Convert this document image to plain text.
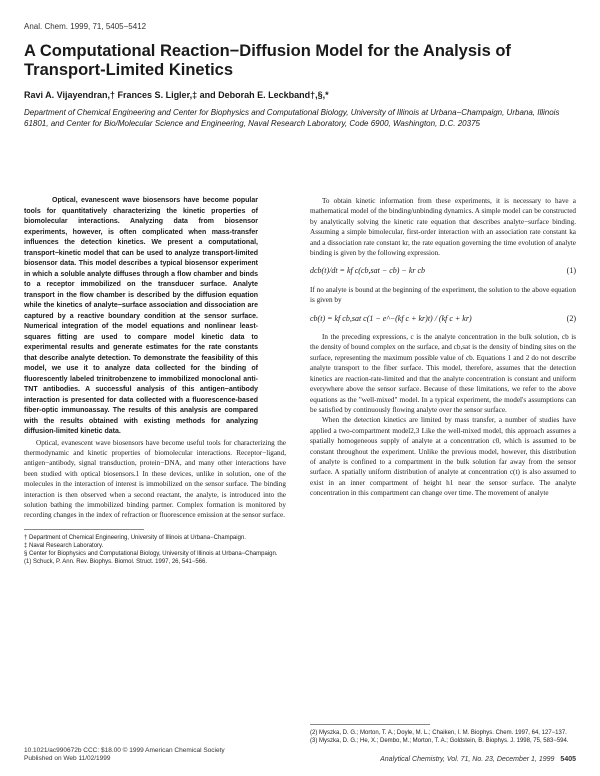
Anal. Chem. 1999, 71, 5405−5412
A Computational Reaction−Diffusion Model for the Analysis of Transport-Limited Kinetics
Ravi A. Vijayendran,† Frances S. Ligler,‡ and Deborah E. Leckband†,§,*
Department of Chemical Engineering and Center for Biophysics and Computational Biology, University of Illinois at Urbana−Champaign, Urbana, Illinois 61801, and Center for Bio/Molecular Science and Engineering, Naval Research Laboratory, Code 6900, Washington, D.C. 20375

Optical, evanescent wave biosensors have become popular tools for quantitatively characterizing the kinetic properties of biomolecular interactions. Analyzing data from biosensor experiments, however, is often complicated when mass-transfer influences the detection kinetics. We present a computational, transport−kinetic model that can be used to analyze transport-limited biosensor data. This model describes a typical biosensor experiment in which a soluble analyte diffuses through a flow chamber and binds to a receptor immobilized on the transducer surface. Analyte transport in the flow chamber is described by the diffusion equation while the kinetics of analyte−surface association and dissociation are captured by a reactive boundary condition at the sensor surface. Numerical integration of the model equations and nonlinear least-squares fitting are used to compare model kinetic data to experimental results and generate estimates for the rate constants that describe analyte detection. To demonstrate the feasibility of this model, we use it to analyze data collected for the binding of fluorescently labeled trinitrobenzene to immobilized monoclonal anti-TNT antibodies. A successful analysis of this antigen−antibody interaction is presented for data collected with a fluorescence-based fiber-optic immunoassay. The results of this analysis are compared with the results obtained with existing methods for analyzing diffusion-limited kinetic data.

Optical, evanescent wave biosensors have become useful tools for characterizing the thermodynamic and kinetic properties of biomolecular interactions. Receptor−ligand, antigen−antibody, signal transduction, protein−DNA, and many other interactions have been studied with optical biosensors.1 In these devices, unlike in solution, one of the molecules in the interaction of interest is immobilized on the sensor surface. The binding interaction is then observed when a second reactant, the analyte, is introduced into the solution bathing the immobilized binding partner. Complex formation is monitored by recording changes in the index of refraction or fluorescence emission at the sensor surface.

† Department of Chemical Engineering, University of Illinois at Urbana−Champaign.

‡ Naval Research Laboratory.

§ Center for Biophysics and Computational Biology, University of Illinois at Urbana−Champaign.

(1) Schuck, P. Ann. Rev. Biophys. Biomol. Struct. 1997, 26, 541−566.

10.1021/ac990672b CCC: $18.00 © 1999 American Chemical Society
Published on Web 11/02/1999

To obtain kinetic information from these experiments, it is necessary to have a mathematical model of the binding/unbinding dynamics. A simple model can be constructed by analytically solving the kinetic rate equation that describes analyte−surface binding. Assuming a simple bimolecular, first-order interaction with an association rate constant ka and a dissociation rate constant kr, the rate equation governing the time evolution of analyte binding is given by the following expression.

dcb(t)/dt = kf c(cb,sat − cb) − kr cb	(1)

If no analyte is bound at the beginning of the experiment, the solution to the above equation is given by

cb(t) = kf cb,sat c(1 − e^−(kf c + kr)t) / (kf c + kr)	(2)

In the preceding expressions, c is the analyte concentration in the bulk solution, cb is the density of bound complex on the surface, and cb,sat is the density of binding sites on the surface, representing the maximum possible value of cb. Equations 1 and 2 do not describe analyte transport to the fiber surface. This model, therefore, assumes that the detection kinetics are reaction-rate-limited and that the analyte concentration is constant and uniform everywhere above the sensor surface. Because of these limitations, we refer to the above equations as the "well-mixed" model. In a typical experiment, the model's assumptions can be satisfied by continuously flowing analyte over the sensor surface.

When the detection kinetics are limited by mass transfer, a number of studies have applied a two-compartment model2,3 Like the well-mixed model, this approach assumes a spatially homogeneous supply of analyte at a concentration c0, which is assumed to be constant throughout the experiment. Unlike the previous model, however, this distribution of analyte is confined to a compartment in the bulk solution far away from the sensor surface. A spatially uniform distribution of analyte at concentration c(t) is also assumed to exist in an inner compartment of height h1 near the sensor surface. The analyte concentration in this compartment can change over time. The movement of analyte

(2) Myszka, D. G.; Morton, T. A.; Doyle, M. L.; Chaiken, I. M. Biophys. Chem. 1997, 64, 127−137.

(3) Myszka, D. G.; He, X.; Dembo, M.; Morton, T. A.; Goldstein, B. Biophys. J. 1998, 75, 583−594.

Analytical Chemistry, Vol. 71, No. 23, December 1, 1999 5405
